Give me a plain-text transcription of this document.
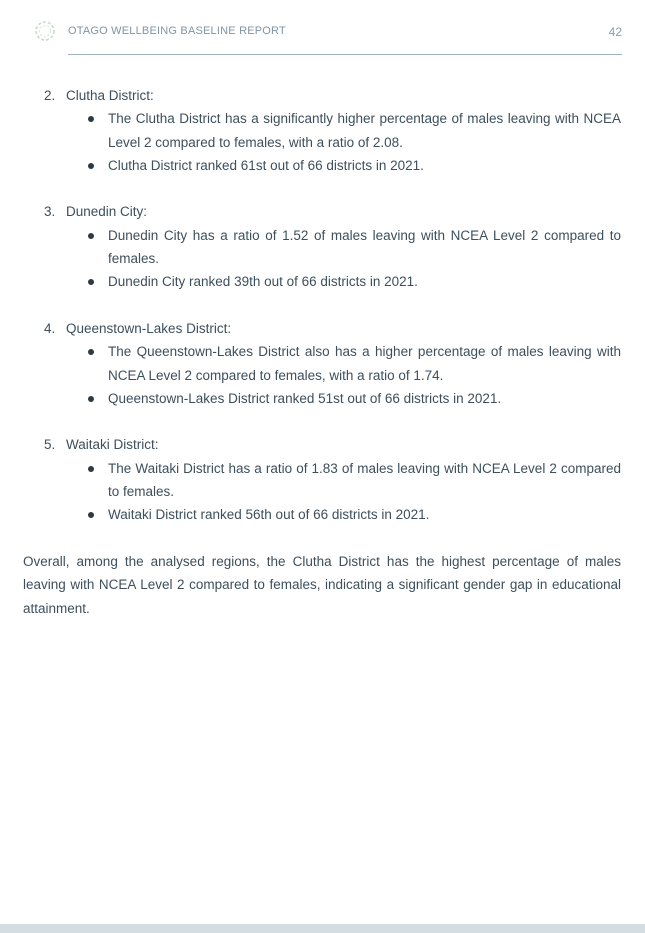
OTAGO WELLBEING BASELINE REPORT	42
2. Clutha District:
The Clutha District has a significantly higher percentage of males leaving with NCEA Level 2 compared to females, with a ratio of 2.08.
Clutha District ranked 61st out of 66 districts in 2021.
3. Dunedin City:
Dunedin City has a ratio of 1.52 of males leaving with NCEA Level 2 compared to females.
Dunedin City ranked 39th out of 66 districts in 2021.
4. Queenstown-Lakes District:
The Queenstown-Lakes District also has a higher percentage of males leaving with NCEA Level 2 compared to females, with a ratio of 1.74.
Queenstown-Lakes District ranked 51st out of 66 districts in 2021.
5. Waitaki District:
The Waitaki District has a ratio of 1.83 of males leaving with NCEA Level 2 compared to females.
Waitaki District ranked 56th out of 66 districts in 2021.

Overall, among the analysed regions, the Clutha District has the highest percentage of males leaving with NCEA Level 2 compared to females, indicating a significant gender gap in educational attainment.
